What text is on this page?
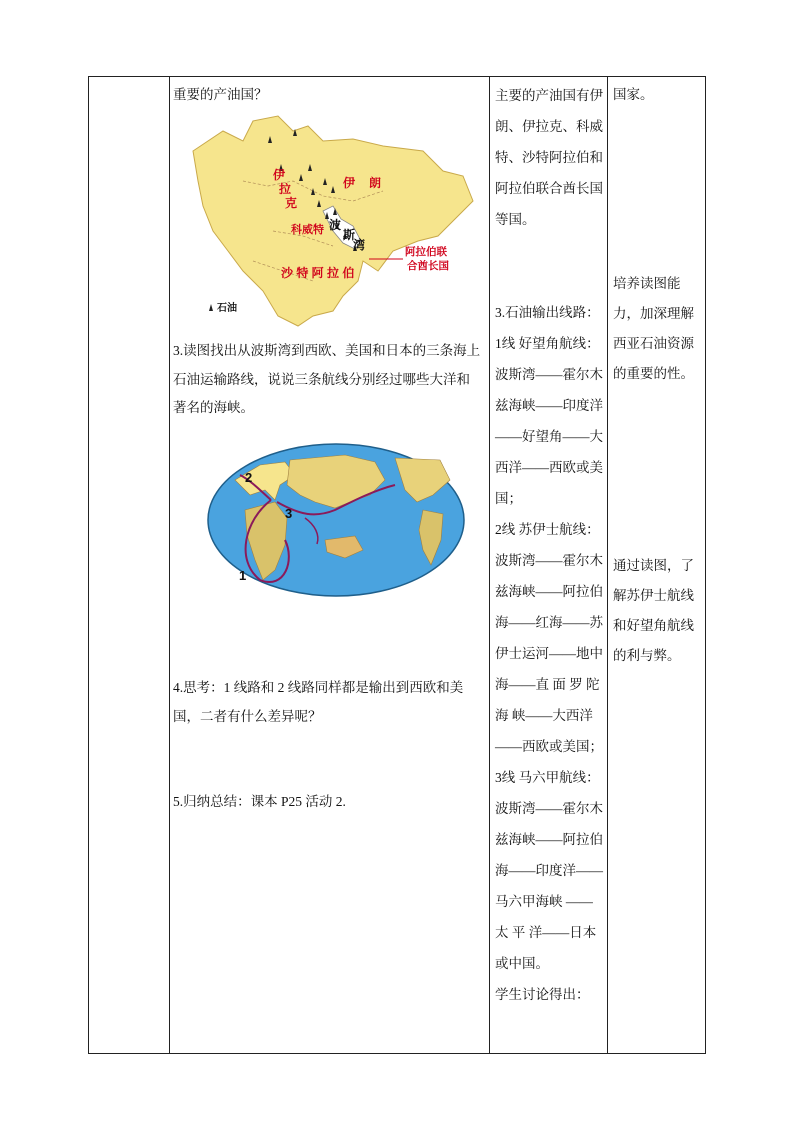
重要的产油国？
伊
拉
克
伊 朗
科威特 波
斯
湾	阿拉伯联
合酋长国
沙 特 阿 拉 伯
石油
3.读图找出从波斯湾到西欧、美国和日本的三条海上石油运输路线，说说三条航线分别经过哪些大洋和著名的海峡。
1
2
3

4.思考：1 线路和 2 线路同样都是输出到西欧和美国，二者有什么差异呢？

5.归纳总结：课本 P25 活动 2.

主要的产油国有伊朗、伊拉克、科威特、沙特阿拉伯和阿拉伯联合酋长国等国。

3.石油输出线路：
1线 好望角航线：波斯湾——霍尔木兹海峡——印度洋——好望角——大西洋——西欧或美国；
2线 苏伊士航线：波斯湾——霍尔木兹海峡——阿拉伯海——红海——苏伊士运河——地中海——直 面 罗 陀 海 峡——大西洋——西欧或美国；
3线 马六甲航线：波斯湾——霍尔木兹海峡——阿拉伯海——印度洋——马六甲海峡 ——太 平 洋——日本或中国。
学生讨论得出：
国家。
培养读图能力，加深理解西亚石油资源的重要的性。
通过读图，了解苏伊士航线和好望角航线的利与弊。
